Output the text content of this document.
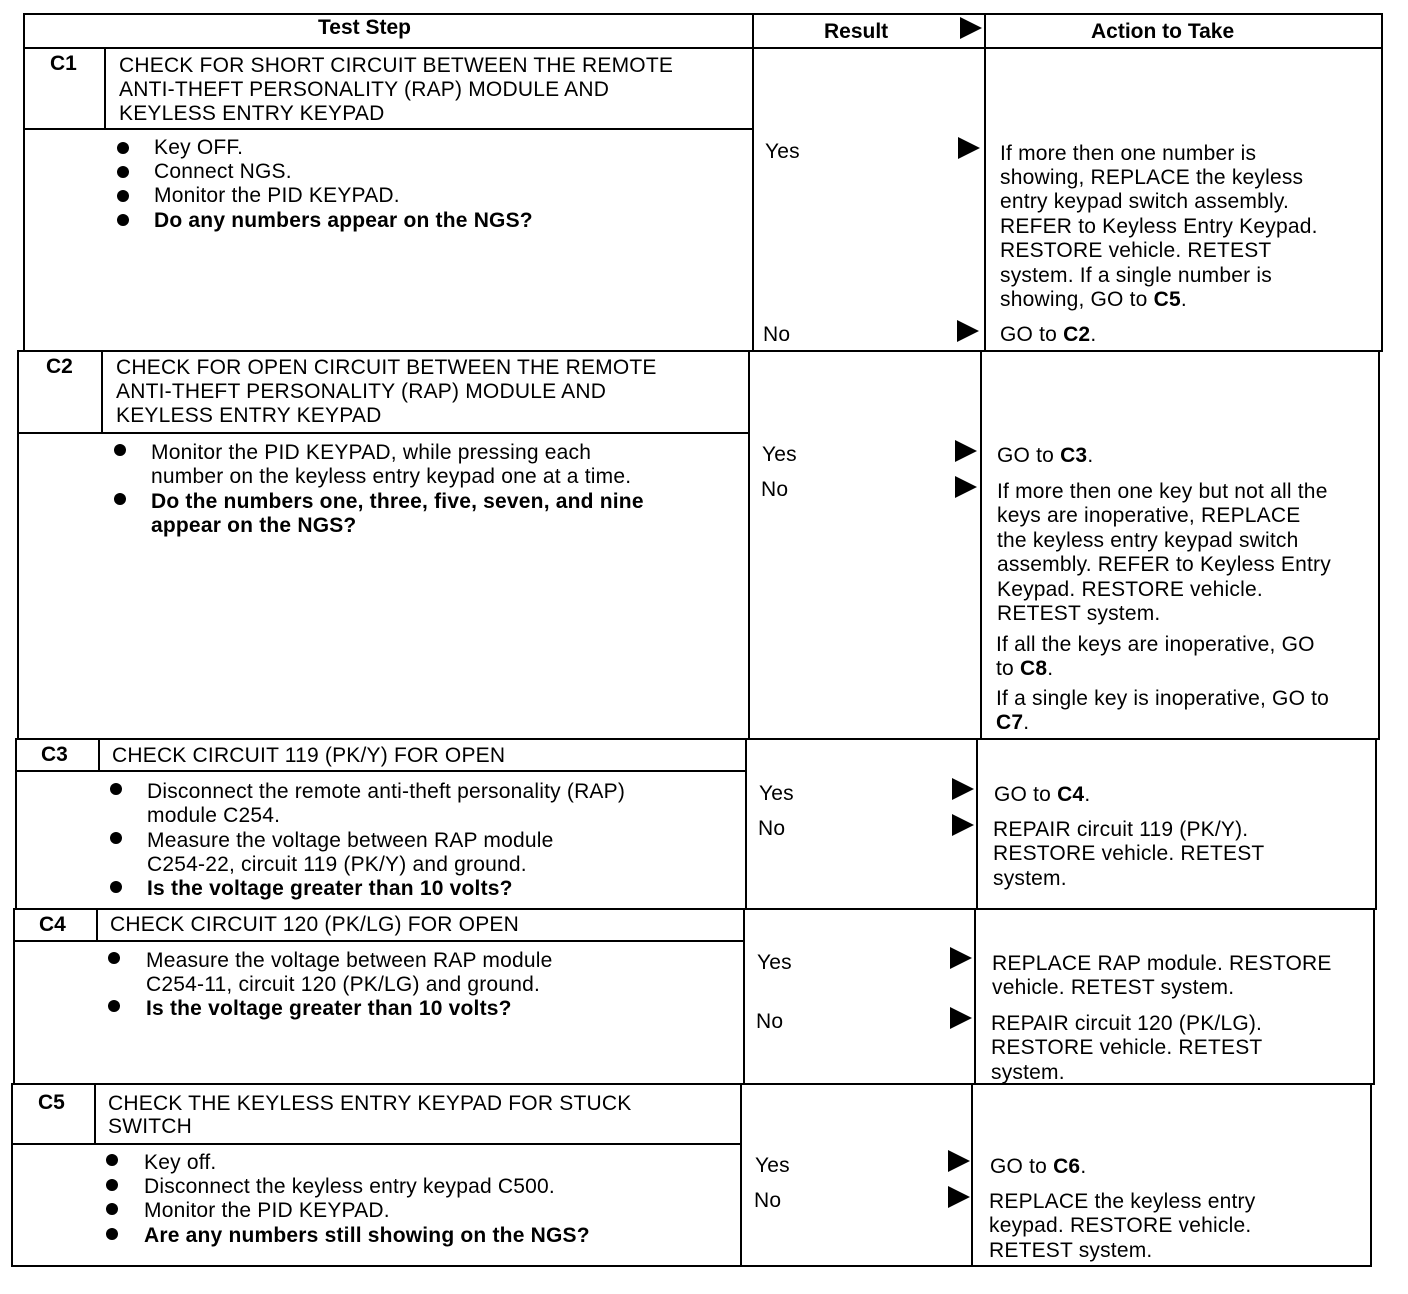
Test Step	Result	Action to Take
C1 CHECK FOR SHORT CIRCUIT BETWEEN THE REMOTE
ANTI-THEFT PERSONALITY (RAP) MODULE AND
KEYLESS ENTRY KEYPAD
Key OFF.
Connect NGS.
Monitor the PID KEYPAD.
Do any numbers appear on the NGS?
Yes	If more then one number is
showing, REPLACE the keyless
entry keypad switch assembly.
REFER to Keyless Entry Keypad.
RESTORE vehicle. RETEST
system. If a single number is
showing, GO to C5.
No	GO to C2.
C2 CHECK FOR OPEN CIRCUIT BETWEEN THE REMOTE
ANTI-THEFT PERSONALITY (RAP) MODULE AND
KEYLESS ENTRY KEYPAD
Monitor the PID KEYPAD, while pressing each
number on the keyless entry keypad one at a time.
Do the numbers one, three, five, seven, and nine
appear on the NGS?
Yes	GO to C3.
No	If more then one key but not all the
keys are inoperative, REPLACE
the keyless entry keypad switch
assembly. REFER to Keyless Entry
Keypad. RESTORE vehicle.
RETEST system.
If all the keys are inoperative, GO
to C8.
If a single key is inoperative, GO to
C7.
C3 CHECK CIRCUIT 119 (PK/Y) FOR OPEN
Disconnect the remote anti-theft personality (RAP)
module C254.
Measure the voltage between RAP module
C254-22, circuit 119 (PK/Y) and ground.
Is the voltage greater than 10 volts?
Yes	GO to C4.
No	REPAIR circuit 119 (PK/Y).
RESTORE vehicle. RETEST
system.
C4 CHECK CIRCUIT 120 (PK/LG) FOR OPEN
Measure the voltage between RAP module
C254-11, circuit 120 (PK/LG) and ground.
Is the voltage greater than 10 volts?
Yes	REPLACE RAP module. RESTORE
vehicle. RETEST system.
No	REPAIR circuit 120 (PK/LG).
RESTORE vehicle. RETEST
system.
C5 CHECK THE KEYLESS ENTRY KEYPAD FOR STUCK
SWITCH
Key off.
Disconnect the keyless entry keypad C500.
Monitor the PID KEYPAD.
Are any numbers still showing on the NGS?
Yes	GO to C6.
No	REPLACE the keyless entry
keypad. RESTORE vehicle.
RETEST system.
